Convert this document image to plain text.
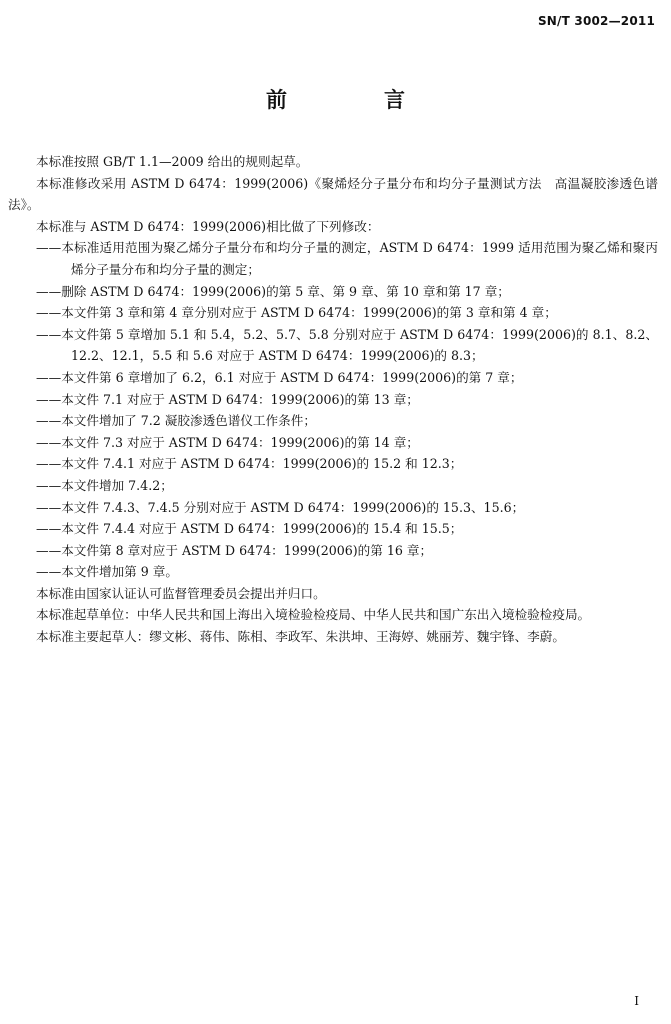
SN/T 3002—2011
前　言

本标准按照 GB/T 1.1—2009 给出的规则起草。

本标准修改采用 ASTM D 6474：1999(2006)《聚烯烃分子量分布和均分子量测试方法　高温凝胶渗透色谱法》。

本标准与 ASTM D 6474：1999(2006)相比做了下列修改：

——本标准适用范围为聚乙烯分子量分布和均分子量的测定，ASTM D 6474：1999 适用范围为聚乙烯和聚丙烯分子量分布和均分子量的测定；

——删除 ASTM D 6474：1999(2006)的第 5 章、第 9 章、第 10 章和第 17 章；

——本文件第 3 章和第 4 章分别对应于 ASTM D 6474：1999(2006)的第 3 章和第 4 章；

——本文件第 5 章增加 5.1 和 5.4，5.2、5.7、5.8 分别对应于 ASTM D 6474：1999(2006)的 8.1、8.2、12.2、12.1，5.5 和 5.6 对应于 ASTM D 6474：1999(2006)的 8.3；

——本文件第 6 章增加了 6.2，6.1 对应于 ASTM D 6474：1999(2006)的第 7 章；

——本文件 7.1 对应于 ASTM D 6474：1999(2006)的第 13 章；

——本文件增加了 7.2 凝胶渗透色谱仪工作条件；

——本文件 7.3 对应于 ASTM D 6474：1999(2006)的第 14 章；

——本文件 7.4.1 对应于 ASTM D 6474：1999(2006)的 15.2 和 12.3；

——本文件增加 7.4.2；

——本文件 7.4.3、7.4.5 分别对应于 ASTM D 6474：1999(2006)的 15.3、15.6；

——本文件 7.4.4 对应于 ASTM D 6474：1999(2006)的 15.4 和 15.5；

——本文件第 8 章对应于 ASTM D 6474：1999(2006)的第 16 章；

——本文件增加第 9 章。

本标准由国家认证认可监督管理委员会提出并归口。

本标准起草单位：中华人民共和国上海出入境检验检疫局、中华人民共和国广东出入境检验检疫局。

本标准主要起草人：缪文彬、蒋伟、陈相、李政军、朱洪坤、王海婷、姚丽芳、魏宇锋、李蔚。

I
